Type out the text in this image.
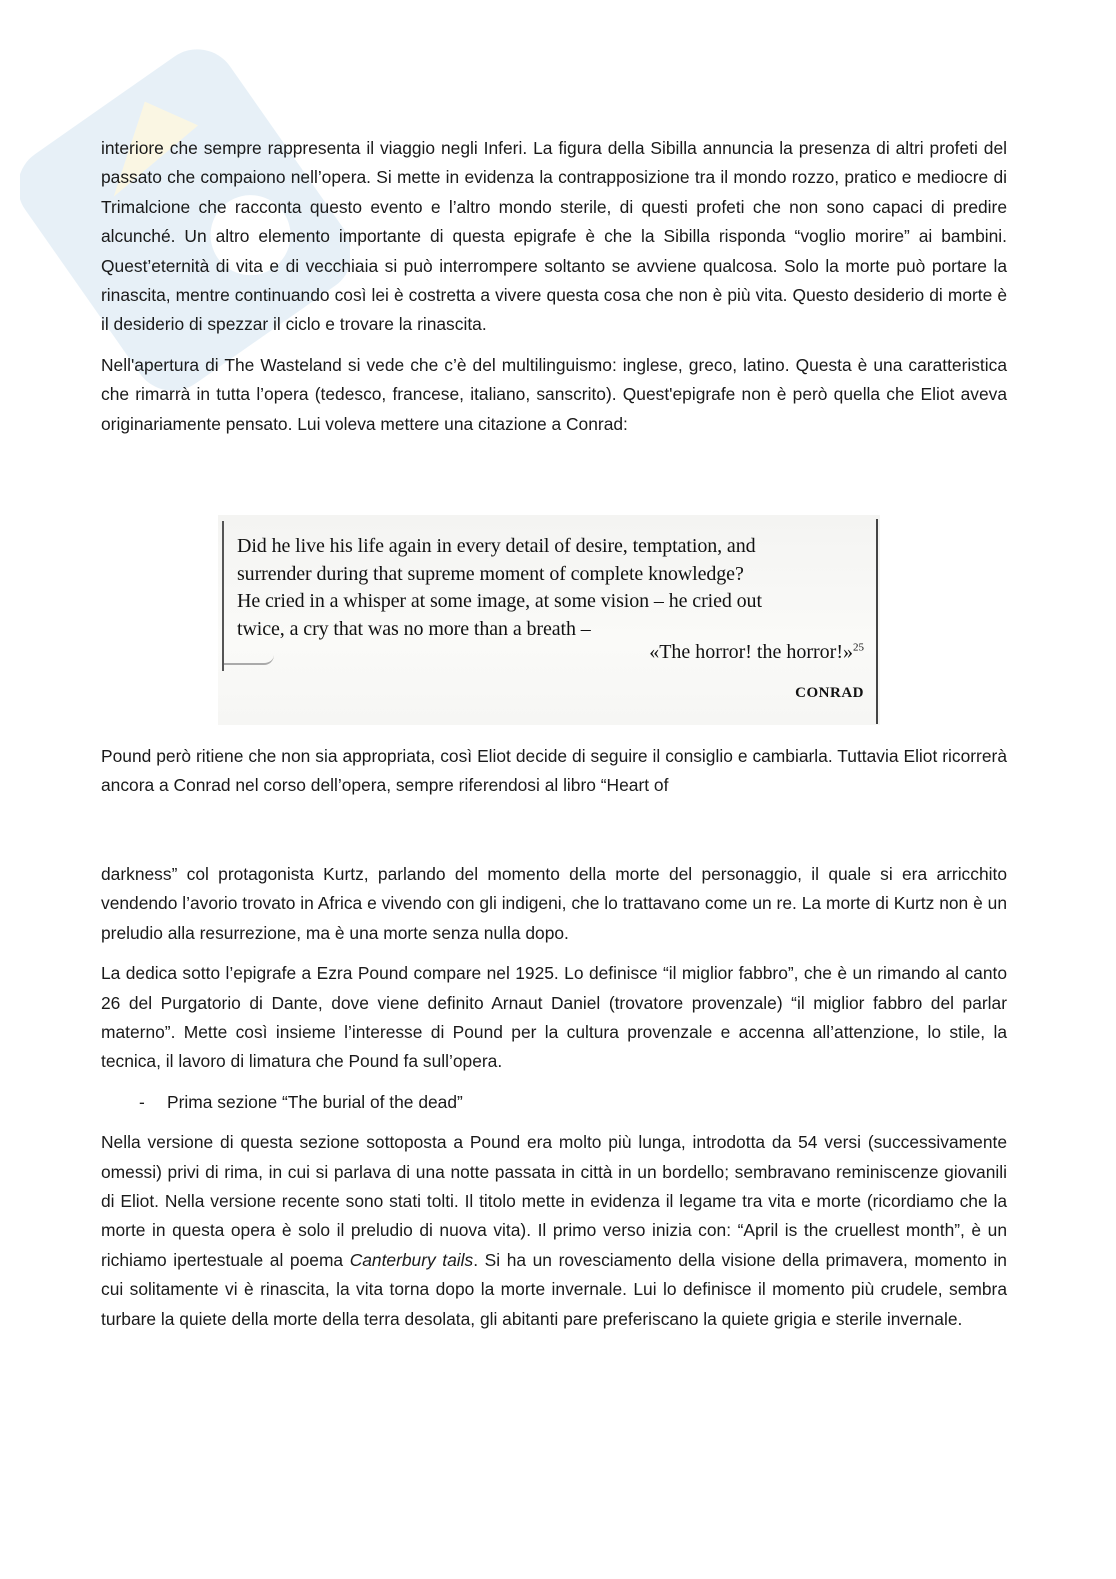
interiore che sempre rappresenta il viaggio negli Inferi. La figura della Sibilla annuncia la presenza di altri profeti del passato che compaiono nell’opera. Si mette in evidenza la contrapposizione tra il mondo rozzo, pratico e mediocre di Trimalcione che racconta questo evento e l’altro mondo sterile, di questi profeti che non sono capaci di predire alcunché. Un altro elemento importante di questa epigrafe è che la Sibilla risponda “voglio morire” ai bambini. Quest’eternità di vita e di vecchiaia si può interrompere soltanto se avviene qualcosa. Solo la morte può portare la rinascita, mentre continuando così lei è costretta a vivere questa cosa che non è più vita. Questo desiderio di morte è il desiderio di spezzar il ciclo e trovare la rinascita.

Nell'apertura di The Wasteland si vede che c’è del multilinguismo: inglese, greco, latino. Questa è una caratteristica che rimarrà in tutta l’opera (tedesco, francese, italiano, sanscrito). Quest'epigrafe non è però quella che Eliot aveva originariamente pensato. Lui voleva mettere una citazione a Conrad:

Did he live his life again in every detail of desire, temptation, and
surrender during that supreme moment of complete knowledge?
He cried in a whisper at some image, at some vision – he cried out
twice, a cry that was no more than a breath –
«The horror! the horror!»$^{25}$
CONRAD

Pound però ritiene che non sia appropriata, così Eliot decide di seguire il consiglio e cambiarla. Tuttavia Eliot ricorrerà ancora a Conrad nel corso dell’opera, sempre riferendosi al libro “Heart of

darkness” col protagonista Kurtz, parlando del momento della morte del personaggio, il quale si era arricchito vendendo l’avorio trovato in Africa e vivendo con gli indigeni, che lo trattavano come un re. La morte di Kurtz non è un preludio alla resurrezione, ma è una morte senza nulla dopo.

La dedica sotto l’epigrafe a Ezra Pound compare nel 1925. Lo definisce “il miglior fabbro”, che è un rimando al canto 26 del Purgatorio di Dante, dove viene definito Arnaut Daniel (trovatore provenzale) “il miglior fabbro del parlar materno”. Mette così insieme l’interesse di Pound per la cultura provenzale e accenna all’attenzione, lo stile, la tecnica, il lavoro di limatura che Pound fa sull’opera.

-	Prima sezione “The burial of the dead”

Nella versione di questa sezione sottoposta a Pound era molto più lunga, introdotta da 54 versi (successivamente omessi) privi di rima, in cui si parlava di una notte passata in città in un bordello; sembravano reminiscenze giovanili di Eliot. Nella versione recente sono stati tolti. Il titolo mette in evidenza il legame tra vita e morte (ricordiamo che la morte in questa opera è solo il preludio di nuova vita). Il primo verso inizia con: “April is the cruellest month”, è un richiamo ipertestuale al poema Canterbury tails. Si ha un rovesciamento della visione della primavera, momento in cui solitamente vi è rinascita, la vita torna dopo la morte invernale. Lui lo definisce il momento più crudele, sembra turbare la quiete della morte della terra desolata, gli abitanti pare preferiscano la quiete grigia e sterile invernale.
